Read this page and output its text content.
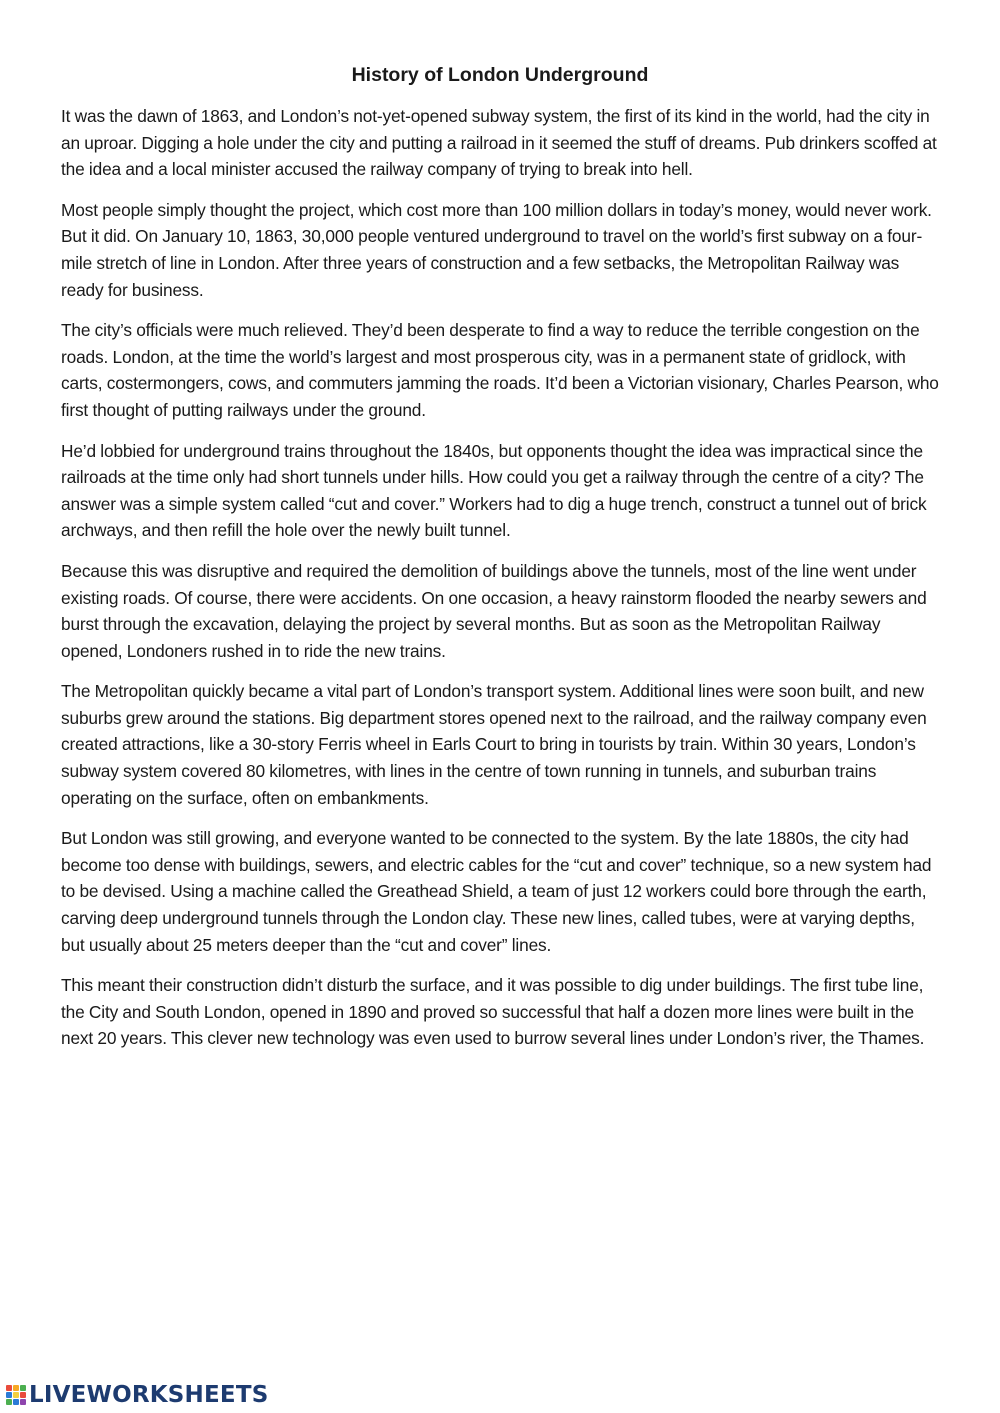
History of London Underground

It was the dawn of 1863, and London’s not-yet-opened subway system, the first of its kind in the world, had the city in an uproar. Digging a hole under the city and putting a railroad in it seemed the stuff of dreams. Pub drinkers scoffed at the idea and a local minister accused the railway company of trying to break into hell.

Most people simply thought the project, which cost more than 100 million dollars in today’s money, would never work. But it did. On January 10, 1863, 30,000 people ventured underground to travel on the world’s first subway on a four-mile stretch of line in London. After three years of construction and a few setbacks, the Metropolitan Railway was ready for business.

The city’s officials were much relieved. They’d been desperate to find a way to reduce the terrible congestion on the roads. London, at the time the world’s largest and most prosperous city, was in a permanent state of gridlock, with carts, costermongers, cows, and commuters jamming the roads. It’d been a Victorian visionary, Charles Pearson, who first thought of putting railways under the ground.

He’d lobbied for underground trains throughout the 1840s, but opponents thought the idea was impractical since the railroads at the time only had short tunnels under hills. How could you get a railway through the centre of a city? The answer was a simple system called “cut and cover.” Workers had to dig a huge trench, construct a tunnel out of brick archways, and then refill the hole over the newly built tunnel.

Because this was disruptive and required the demolition of buildings above the tunnels, most of the line went under existing roads. Of course, there were accidents. On one occasion, a heavy rainstorm flooded the nearby sewers and burst through the excavation, delaying the project by several months. But as soon as the Metropolitan Railway opened, Londoners rushed in to ride the new trains.

The Metropolitan quickly became a vital part of London’s transport system. Additional lines were soon built, and new suburbs grew around the stations. Big department stores opened next to the railroad, and the railway company even created attractions, like a 30-story Ferris wheel in Earls Court to bring in tourists by train. Within 30 years, London’s subway system covered 80 kilometres, with lines in the centre of town running in tunnels, and suburban trains operating on the surface, often on embankments.

But London was still growing, and everyone wanted to be connected to the system. By the late 1880s, the city had become too dense with buildings, sewers, and electric cables for the “cut and cover” technique, so a new system had to be devised. Using a machine called the Greathead Shield, a team of just 12 workers could bore through the earth, carving deep underground tunnels through the London clay. These new lines, called tubes, were at varying depths, but usually about 25 meters deeper than the “cut and cover” lines.

This meant their construction didn’t disturb the surface, and it was possible to dig under buildings. The first tube line, the City and South London, opened in 1890 and proved so successful that half a dozen more lines were built in the next 20 years. This clever new technology was even used to burrow several lines under London’s river, the Thames.

LIVEWORKSHEETS
